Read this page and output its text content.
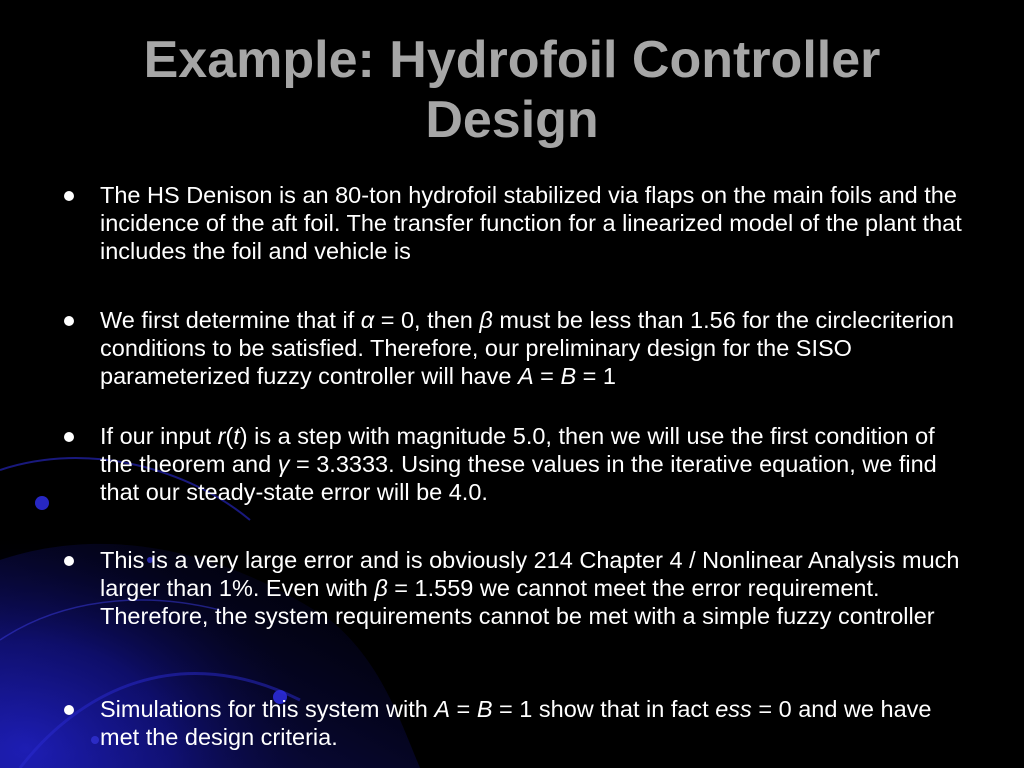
Example: Hydrofoil Controller Design
The HS Denison is an 80-ton hydrofoil stabilized via flaps on the main foils and the incidence of the aft foil. The transfer function for a linearized model of the plant that includes the foil and vehicle is
We first determine that if α = 0, then β must be less than 1.56 for the circlecriterion conditions to be satisfied. Therefore, our preliminary design for the SISO parameterized fuzzy controller will have A = B = 1
If our input r(t) is a step with magnitude 5.0, then we will use the first condition of the theorem and γ = 3.3333. Using these values in the iterative equation, we find that our steady-state error will be 4.0.
This is a very large error and is obviously 214 Chapter 4 / Nonlinear Analysis much larger than 1%. Even with β = 1.559 we cannot meet the error requirement. Therefore, the system requirements cannot be met with a simple fuzzy controller
Simulations for this system with A = B = 1 show that in fact ess = 0 and we have met the design criteria.
